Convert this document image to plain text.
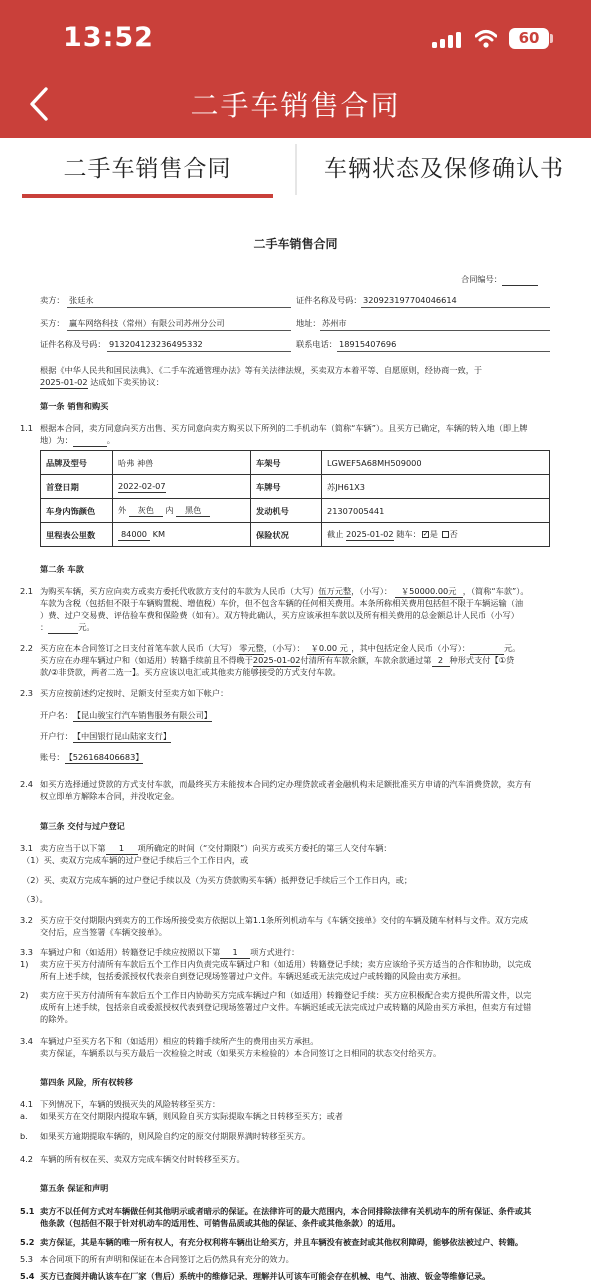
13:52	60
二手车销售合同
二手车销售合同	车辆状态及保修确认书
二手车销售合同
合同编号：
卖方： 张廷永	证件名称及号码： 320923197704046614
买方： 赢车网络科技（常州）有限公司苏州分公司	地址： 苏州市
证件名称及号码： 913204123236495332	联系电话： 18915407696
根据《中华人民共和国民法典》、《二手车流通管理办法》等有关法律法规，买卖双方本着平等、自愿原则，经协商一致，于
2025-01-02 达成如下卖买协议：
第一条 销售和购买
1.1 根据本合同，卖方同意向买方出售、买方同意向卖方购买以下所列的二手机动车（简称“车辆”）。且买方已确定，车辆的转入地（即上牌
地）为：	。
品牌及型号	哈弗 神兽	车架号	LGWEF5A68MH509000
首登日期	2022-02-07	车牌号	苏JH61X3
车身内饰颜色	外 灰色 内 黑色	发动机号	21307005441
里程表公里数	84000 KM	保险状况	截止 2025-01-02 随车： ✓ 是 否
第二条 车款
2.1 为购买车辆，买方应向卖方或卖方委托代收款方支付的车款为人民币（大写）伍万元整，（小写）： ￥50000.00元 ，（简称“车款”）。
车款为含税（包括但不限于车辆购置税、增值税）车价，但不包含车辆的任何相关费用。本条所称相关费用包括但不限于车辆运输（油
）费、过户交易费、评估验车费和保险费（如有）。双方特此确认，买方应该承担车款以及所有相关费用的总金额总计人民币（小写）
：	元。
2.2 买方应在本合同签订之日支付首笔车款人民币（大写） 零元整，（小写）： ￥0.00 元 ，其中包括定金人民币（小写）：	元。
买方应在办理车辆过户和（如适用）转籍手续前且不得晚于2025-01-02付清所有车款余额，车款余款通过第 2 种形式支付【①贷
款/②非贷款，两者二选一】。买方应该以电汇或其他卖方能够接受的方式支付车款。
2.3 买方应按前述约定按时、足额支付至卖方如下帐户：
开户名：【昆山骏宝行汽车销售服务有限公司】
开户行：【中国银行昆山陆家支行】
账号：【526168406683】
2.4 如买方选择通过贷款的方式支付车款，而最终买方未能按本合同约定办理贷款或者金融机构未足额批准买方申请的汽车消费贷款，卖方有
权立即单方解除本合同，并没收定金。
第三条 交付与过户登记
3.1 卖方应当于以下第 1 项所确定的时间（“交付期限”）向买方或买方委托的第三人交付车辆：
（1）买、卖双方完成车辆的过户登记手续后三个工作日内，或
（2）买、卖双方完成车辆的过户登记手续以及（为买方贷款购买车辆）抵押登记手续后三个工作日内，或；
（3）。
3.2 买方应于交付期限内到卖方的工作场所接受卖方依据以上第1.1条所列机动车与《车辆交接单》交付的车辆及随车材料与文件。双方完成
交付后，应当签署《车辆交接单》。
3.3 车辆过户和（如适用）转籍登记手续应按照以下第 1 项方式进行：
1) 卖方应于买方付清所有车款后五个工作日内负责完成车辆过户和（如适用）转籍登记手续；卖方应该给予买方适当的合作和协助，以完成
所有上述手续，包括委派授权代表亲自到登记现场签署过户文件。车辆迟延或无法完成过户或转籍的风险由卖方承担。
2) 卖方应于买方付清所有车款后五个工作日内协助买方完成车辆过户和（如适用）转籍登记手续：买方应积极配合卖方提供所需文件，以完
成所有上述手续，包括亲自或委派授权代表到登记现场签署过户文件。车辆迟延或无法完成过户或转籍的风险由买方承担，但卖方有过错
的除外。
3.4 车辆过户至买方名下和（如适用）相应的转籍手续所产生的费用由买方承担。
卖方保证，车辆系以与买方最后一次检验之时或（如果买方未检验的）本合同签订之日相同的状态交付给买方。
第四条 风险，所有权转移
4.1 下列情况下，车辆的毁损灭失的风险转移至买方：
a. 如果买方在交付期限内提取车辆，则风险自买方实际提取车辆之日转移至买方；或者
b. 如果买方逾期提取车辆的，则风险自约定的原交付期限界满时转移至买方。
4.2 车辆的所有权在买、卖双方完成车辆交付时转移至买方。
第五条 保证和声明
5.1 卖方不以任何方式对车辆做任何其他明示或者暗示的保证。在法律许可的最大范围内，本合同排除法律有关机动车的所有保证、条件或其
他条款（包括但不限于针对机动车的适用性、可销售品质或其他的保证、条件或其他条款）的适用。
5.2 卖方保证，其是车辆的唯一所有权人，有充分权利将车辆出让给买方，并且车辆没有被查封或其他权利障碍，能够依法被过户、转籍。
5.3 本合同项下的所有声明和保证在本合同签订之后仍然具有充分的效力。
5.4 买方已查阅并确认该车在厂家（售后）系统中的维修记录，理解并认可该车可能会存在机械、电气、油液、钣金等维修记录。
